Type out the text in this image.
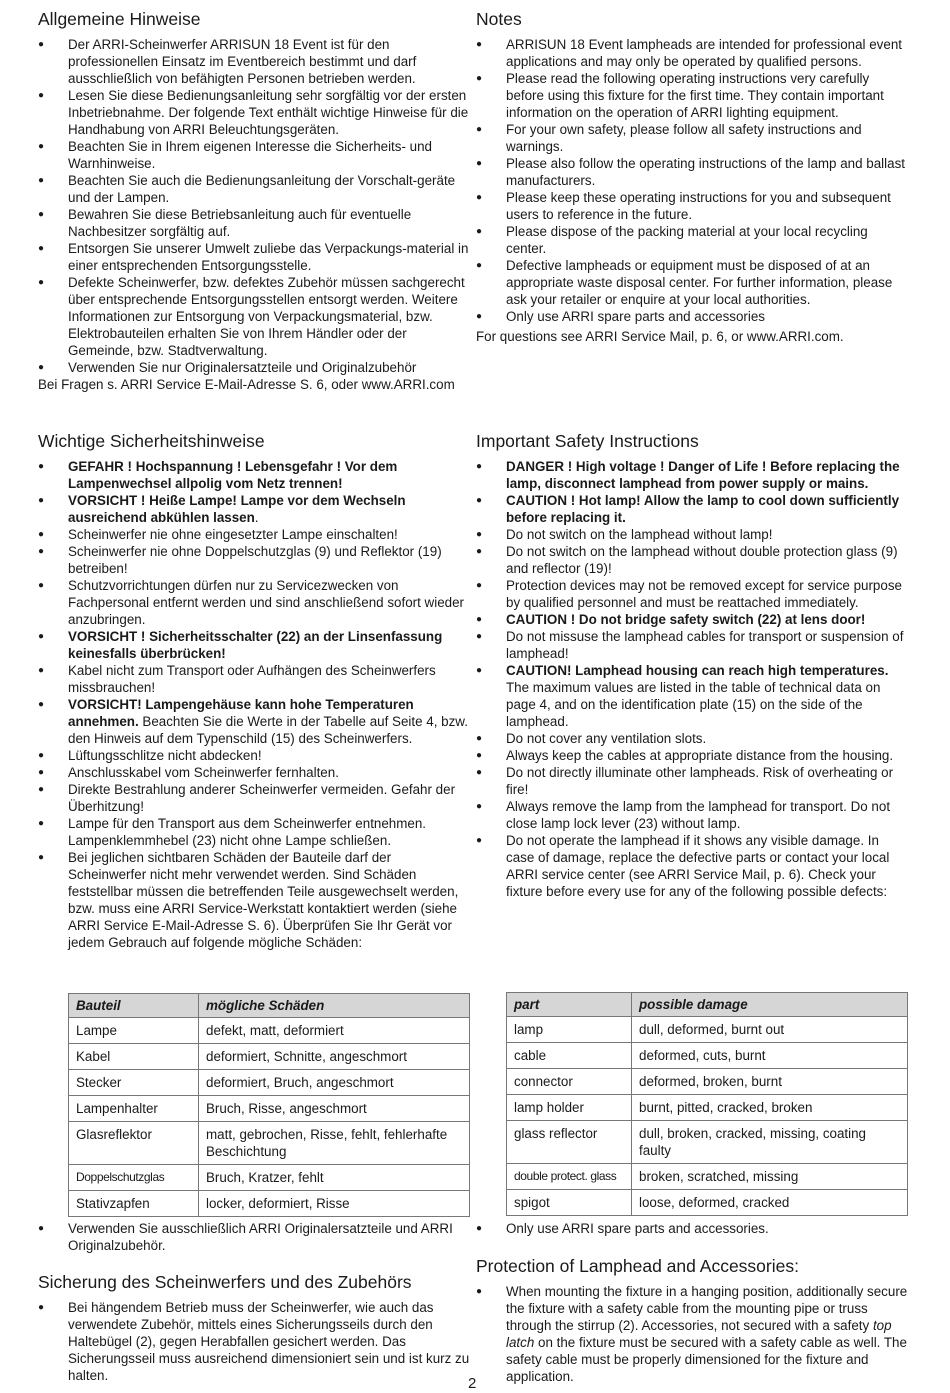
Allgemeine Hinweise
● Der ARRI-Scheinwerfer ARRISUN 18 Event ist für den professionellen Einsatz im Eventbereich bestimmt und darf ausschließlich von befähigten Personen betrieben werden.
● Lesen Sie diese Bedienungsanleitung sehr sorgfältig vor der ersten Inbetriebnahme. Der folgende Text enthält wichtige Hinweise für die Handhabung von ARRI Beleuchtungsgeräten.
● Beachten Sie in Ihrem eigenen Interesse die Sicherheits- und Warnhinweise.
● Beachten Sie auch die Bedienungsanleitung der Vorschalt-geräte und der Lampen.
● Bewahren Sie diese Betriebsanleitung auch für eventuelle Nachbesitzer sorgfältig auf.
● Entsorgen Sie unserer Umwelt zuliebe das Verpackungs-material in einer entsprechenden Entsorgungsstelle.
● Defekte Scheinwerfer, bzw. defektes Zubehör müssen sachgerecht über entsprechende Entsorgungsstellen entsorgt werden. Weitere Informationen zur Entsorgung von Verpackungsmaterial, bzw. Elektrobauteilen erhalten Sie von Ihrem Händler oder der Gemeinde, bzw. Stadtverwaltung.
● Verwenden Sie nur Originalersatzteile und Originalzubehör

Bei Fragen s. ARRI Service E-Mail-Adresse S. 6, oder www.ARRI.com

Wichtige Sicherheitshinweise
● GEFAHR ! Hochspannung ! Lebensgefahr ! Vor dem Lampenwechsel allpolig vom Netz trennen!
● VORSICHT ! Heiße Lampe! Lampe vor dem Wechseln ausreichend abkühlen lassen.
● Scheinwerfer nie ohne eingesetzter Lampe einschalten!
● Scheinwerfer nie ohne Doppelschutzglas (9) und Reflektor (19) betreiben!
● Schutzvorrichtungen dürfen nur zu Servicezwecken von Fachpersonal entfernt werden und sind anschließend sofort wieder anzubringen.
● VORSICHT ! Sicherheitsschalter (22) an der Linsenfassung keinesfalls überbrücken!
● Kabel nicht zum Transport oder Aufhängen des Scheinwerfers missbrauchen!
● VORSICHT! Lampengehäuse kann hohe Temperaturen annehmen. Beachten Sie die Werte in der Tabelle auf Seite 4, bzw. den Hinweis auf dem Typenschild (15) des Scheinwerfers.
● Lüftungsschlitze nicht abdecken!
● Anschlusskabel vom Scheinwerfer fernhalten.
● Direkte Bestrahlung anderer Scheinwerfer vermeiden. Gefahr der Überhitzung!
● Lampe für den Transport aus dem Scheinwerfer entnehmen. Lampenklemmhebel (23) nicht ohne Lampe schließen.
● Bei jeglichen sichtbaren Schäden der Bauteile darf der Scheinwerfer nicht mehr verwendet werden. Sind Schäden feststellbar müssen die betreffenden Teile ausgewechselt werden, bzw. muss eine ARRI Service-Werkstatt kontaktiert werden (siehe ARRI Service E-Mail-Adresse S. 6). Überprüfen Sie Ihr Gerät vor jedem Gebrauch auf folgende mögliche Schäden:
Bauteil	mögliche Schäden
Lampe	defekt, matt, deformiert
Kabel	deformiert, Schnitte, angeschmort
Stecker	deformiert, Bruch, angeschmort
Lampenhalter	Bruch, Risse, angeschmort
Glasreflektor	matt, gebrochen, Risse, fehlt, fehlerhafte Beschichtung
Doppelschutzglas	Bruch, Kratzer, fehlt
Stativzapfen	locker, deformiert, Risse
● Verwenden Sie ausschließlich ARRI Originalersatzteile und ARRI Originalzubehör.
Sicherung des Scheinwerfers und des Zubehörs
● Bei hängendem Betrieb muss der Scheinwerfer, wie auch das verwendete Zubehör, mittels eines Sicherungsseils durch den Haltebügel (2), gegen Herabfallen gesichert werden. Das Sicherungsseil muss ausreichend dimensioniert sein und ist kurz zu halten.
Notes
● ARRISUN 18 Event lampheads are intended for professional event applications and may only be operated by qualified persons.
● Please read the following operating instructions very carefully before using this fixture for the first time. They contain important information on the operation of ARRI lighting equipment.
● For your own safety, please follow all safety instructions and warnings.
● Please also follow the operating instructions of the lamp and ballast manufacturers.
● Please keep these operating instructions for you and subsequent users to reference in the future.
● Please dispose of the packing material at your local recycling center.
● Defective lampheads or equipment must be disposed of at an appropriate waste disposal center. For further information, please ask your retailer or enquire at your local authorities.
● Only use ARRI spare parts and accessories

For questions see ARRI Service Mail, p. 6, or www.ARRI.com.

Important Safety Instructions
● DANGER ! High voltage ! Danger of Life ! Before replacing the lamp, disconnect lamphead from power supply or mains.
● CAUTION ! Hot lamp! Allow the lamp to cool down sufficiently before replacing it.
● Do not switch on the lamphead without lamp!
● Do not switch on the lamphead without double protection glass (9) and reflector (19)!
● Protection devices may not be removed except for service purpose by qualified personnel and must be reattached immediately.
● CAUTION ! Do not bridge safety switch (22) at lens door!
● Do not missuse the lamphead cables for transport or suspension of lamphead!
● CAUTION! Lamphead housing can reach high temperatures. The maximum values are listed in the table of technical data on page 4, and on the identification plate (15) on the side of the lamphead.
● Do not cover any ventilation slots.
● Always keep the cables at appropriate distance from the housing.
● Do not directly illuminate other lampheads. Risk of overheating or fire!
● Always remove the lamp from the lamphead for transport. Do not close lamp lock lever (23) without lamp.
● Do not operate the lamphead if it shows any visible damage. In case of damage, replace the defective parts or contact your local ARRI service center (see ARRI Service Mail, p. 6). Check your fixture before every use for any of the following possible defects:
part	possible damage
lamp	dull, deformed, burnt out
cable	deformed, cuts, burnt
connector	deformed, broken, burnt
lamp holder	burnt, pitted, cracked, broken
glass reflector	dull, broken, cracked, missing, coating faulty
double protect. glass	broken, scratched, missing
spigot	loose, deformed, cracked
● Only use ARRI spare parts and accessories.
Protection of Lamphead and Accessories:
● When mounting the fixture in a hanging position, additionally secure the fixture with a safety cable from the mounting pipe or truss through the stirrup (2). Accessories, not secured with a safety top latch on the fixture must be secured with a safety cable as well. The safety cable must be properly dimensioned for the fixture and application.
2
